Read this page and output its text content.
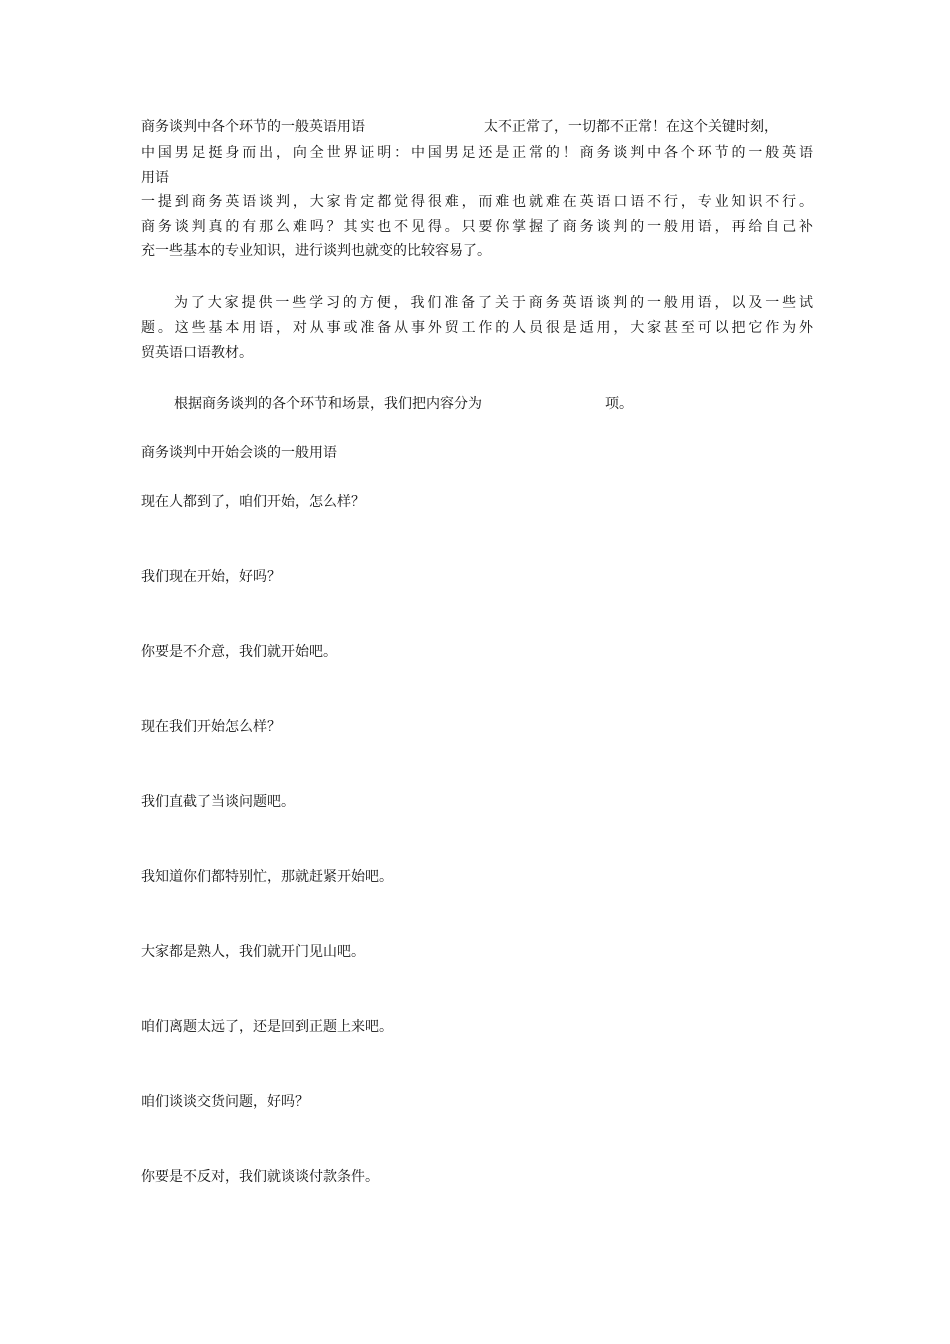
商务谈判中各个环节的一般英语用语	太不正常了，一切都不正常！在这个关键时刻，
中国男足挺身而出，向全世界证明：中国男足还是正常的！商务谈判中各个环节的一般英语
用语
一提到商务英语谈判，大家肯定都觉得很难，而难也就难在英语口语不行，专业知识不行。
商务谈判真的有那么难吗？其实也不见得。只要你掌握了商务谈判的一般用语，再给自己补
充一些基本的专业知识，进行谈判也就变的比较容易了。
为了大家提供一些学习的方便，我们准备了关于商务英语谈判的一般用语，以及一些试
题。这些基本用语，对从事或准备从事外贸工作的人员很是适用，大家甚至可以把它作为外
贸英语口语教材。
根据商务谈判的各个环节和场景，我们把内容分为	项。
商务谈判中开始会谈的一般用语
现在人都到了，咱们开始，怎么样？
我们现在开始，好吗？
你要是不介意，我们就开始吧。
现在我们开始怎么样？
我们直截了当谈问题吧。
我知道你们都特别忙，那就赶紧开始吧。
大家都是熟人，我们就开门见山吧。
咱们离题太远了，还是回到正题上来吧。
咱们谈谈交货问题，好吗？
你要是不反对，我们就谈谈付款条件。
